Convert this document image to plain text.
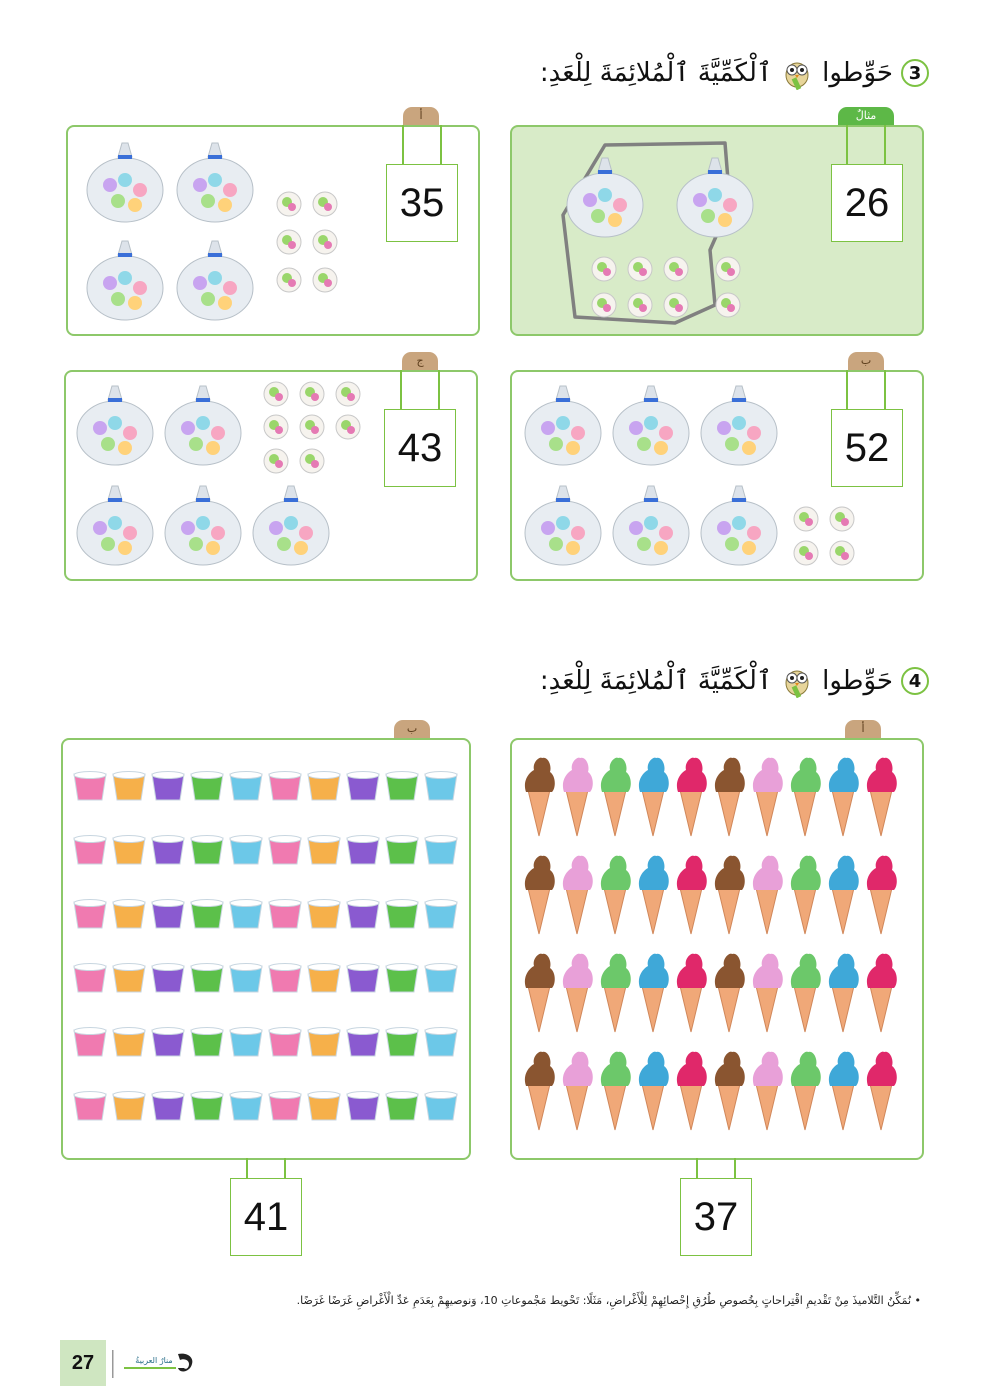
3
حَوِّطوا
ٱلْكَمِّيَّةَ ٱلْمُلائِمَةَ لِلْعَدِ:
مثالٌ
26
أ
35
ب
52
ج
43
4
حَوِّطوا
ٱلْكَمِّيَّةَ ٱلْمُلائِمَةَ لِلْعَدِ:
أ
37
ب
41
• نُمَكِّنُ التَّلاميذَ مِنْ تَقْديمِ اقْتِراحاتٍ بِخُصوصِ طُرُقِ إِحْصائِهِمْ لِلْأَغْراضِ، مَثَلًا: تَحْويط مَجْموعاتِ 10، وَنوصيهِمْ بِعَدَمِ عَدِّ الْأَغْراضِ غَرَضًا غَرَضًا.
27	منارٌ العربيةُ
